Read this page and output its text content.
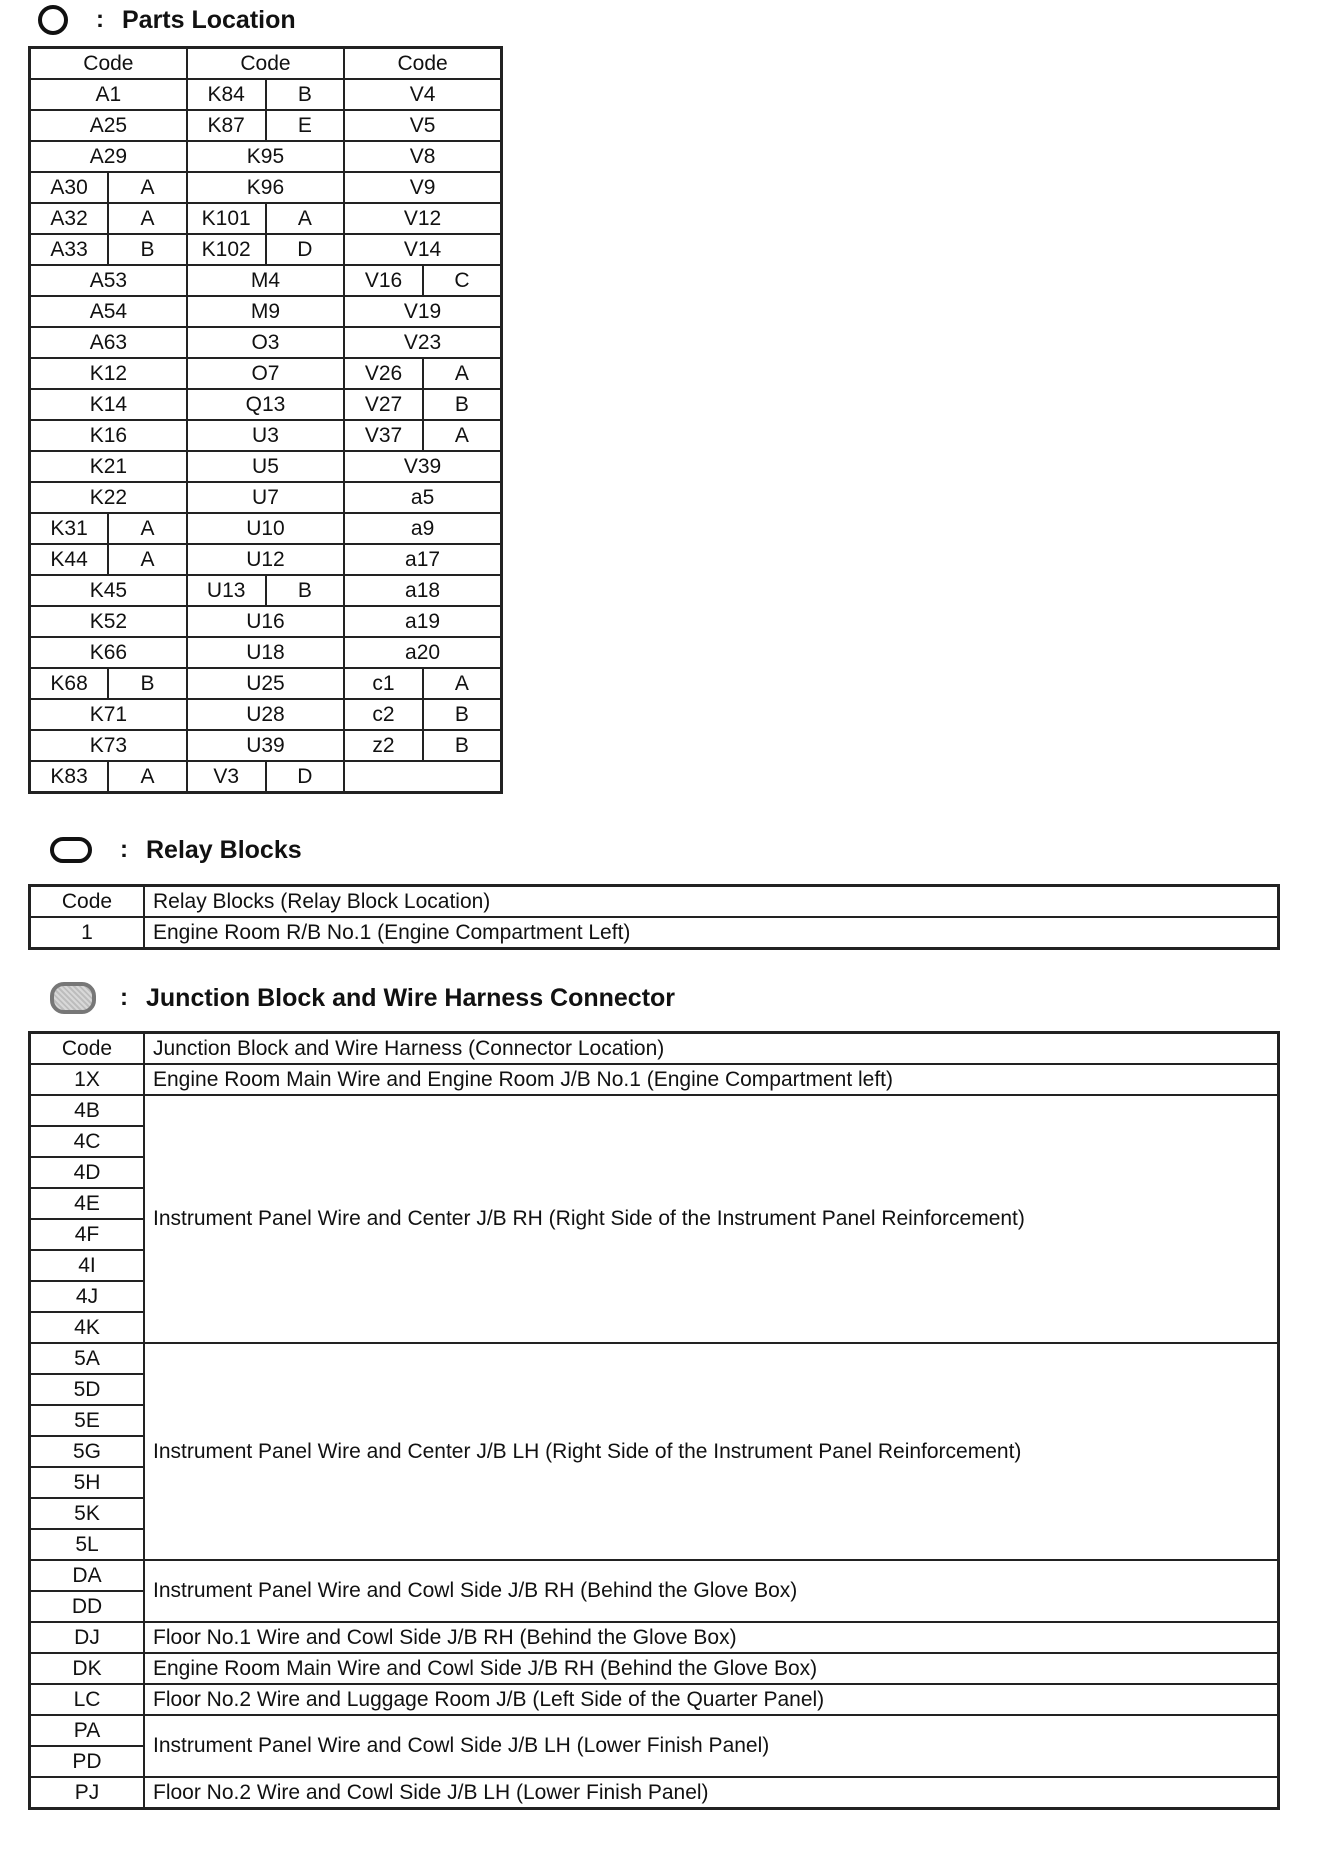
: Parts Location
Code		Code		Code	
A1		K84	B	V4	
A25		K87	E	V5	
A29		K95		V8	
A30	A	K96		V9	
A32	A	K101	A	V12	
A33	B	K102	D	V14	
A53		M4		V16	C
A54		M9		V19	
A63		O3		V23	
K12		O7		V26	A
K14		Q13		V27	B
K16		U3		V37	A
K21		U5		V39	
K22		U7		a5	
K31	A	U10		a9	
K44	A	U12		a17	
K45		U13	B	a18	
K52		U16		a19	
K66		U18		a20	
K68	B	U25		c1	A
K71		U28		c2	B
K73		U39		z2	B
K83	A	V3	D		
: Relay Blocks
Code	Relay Blocks (Relay Block Location)
1	Engine Room R/B No.1 (Engine Compartment Left)
: Junction Block and Wire Harness Connector
Code	Junction Block and Wire Harness (Connector Location)
1X	Engine Room Main Wire and Engine Room J/B No.1 (Engine Compartment left)
4B	Instrument Panel Wire and Center J/B RH (Right Side of the Instrument Panel Reinforcement)
4C	
4D	
4E	
4F	
4I	
4J	
4K	
5A	Instrument Panel Wire and Center J/B LH (Right Side of the Instrument Panel Reinforcement)
5D	
5E	
5G	
5H	
5K	
5L	
DA	Instrument Panel Wire and Cowl Side J/B RH (Behind the Glove Box)
DD	
DJ	Floor No.1 Wire and Cowl Side J/B RH (Behind the Glove Box)
DK	Engine Room Main Wire and Cowl Side J/B RH (Behind the Glove Box)
LC	Floor No.2 Wire and Luggage Room J/B (Left Side of the Quarter Panel)
PA	Instrument Panel Wire and Cowl Side J/B LH (Lower Finish Panel)
PD	
PJ	Floor No.2 Wire and Cowl Side J/B LH (Lower Finish Panel)
